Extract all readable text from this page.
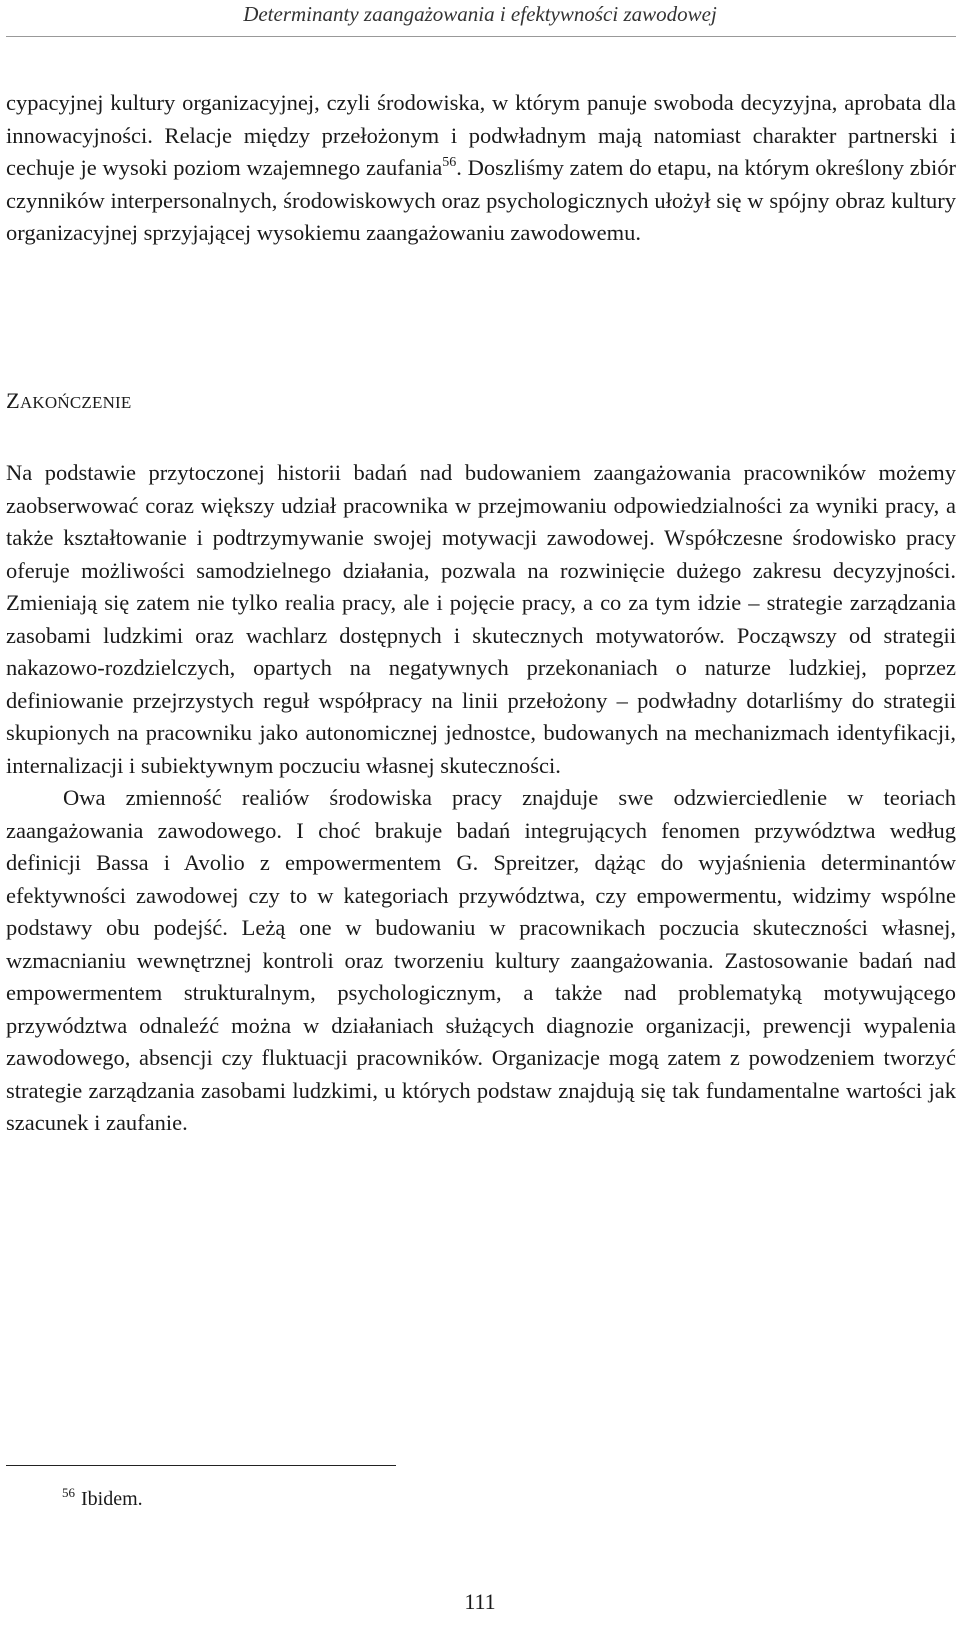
Determinanty zaangażowania i efektywności zawodowej

cypacyjnej kultury organizacyjnej, czyli środowiska, w którym panuje swoboda decyzyjna, aprobata dla innowacyjności. Relacje między przełożonym i podwładnym mają natomiast charakter partnerski i cechuje je wysoki poziom wzajemnego zaufania$^{56}$. Doszliśmy zatem do etapu, na którym określony zbiór czynników interpersonalnych, środowiskowych oraz psychologicznych ułożył się w spójny obraz kultury organizacyjnej sprzyjającej wysokiemu zaangażowaniu zawodowemu.

ZAKOŃCZENIE

Na podstawie przytoczonej historii badań nad budowaniem zaangażowania pracowników możemy zaobserwować coraz większy udział pracownika w przejmowaniu odpowiedzialności za wyniki pracy, a także kształtowanie i podtrzymywanie swojej motywacji zawodowej. Współczesne środowisko pracy oferuje możliwości samodzielnego działania, pozwala na rozwinięcie dużego zakresu decyzyjności. Zmieniają się zatem nie tylko realia pracy, ale i pojęcie pracy, a co za tym idzie – strategie zarządzania zasobami ludzkimi oraz wachlarz dostępnych i skutecznych motywatorów. Począwszy od strategii nakazowo-rozdzielczych, opartych na negatywnych przekonaniach o naturze ludzkiej, poprzez definiowanie przejrzystych reguł współpracy na linii przełożony – podwładny dotarliśmy do strategii skupionych na pracowniku jako autonomicznej jednostce, budowanych na mechanizmach identyfikacji, internalizacji i subiektywnym poczuciu własnej skuteczności.

Owa zmienność realiów środowiska pracy znajduje swe odzwierciedlenie w teoriach zaangażowania zawodowego. I choć brakuje badań integrujących fenomen przywództwa według definicji Bassa i Avolio z empowermentem G. Spreitzer, dążąc do wyjaśnienia determinantów efektywności zawodowej czy to w kategoriach przywództwa, czy empowermentu, widzimy wspólne podstawy obu podejść. Leżą one w budowaniu w pracownikach poczucia skuteczności własnej, wzmacnianiu wewnętrznej kontroli oraz tworzeniu kultury zaangażowania. Zastosowanie badań nad empowermentem strukturalnym, psychologicznym, a także nad problematyką motywującego przywództwa odnaleźć można w działaniach służących diagnozie organizacji, prewencji wypalenia zawodowego, absencji czy fluktuacji pracowników. Organizacje mogą zatem z powodzeniem tworzyć strategie zarządzania zasobami ludzkimi, u których podstaw znajdują się tak fundamentalne wartości jak szacunek i zaufanie.

$^{56}$ Ibidem.
111
